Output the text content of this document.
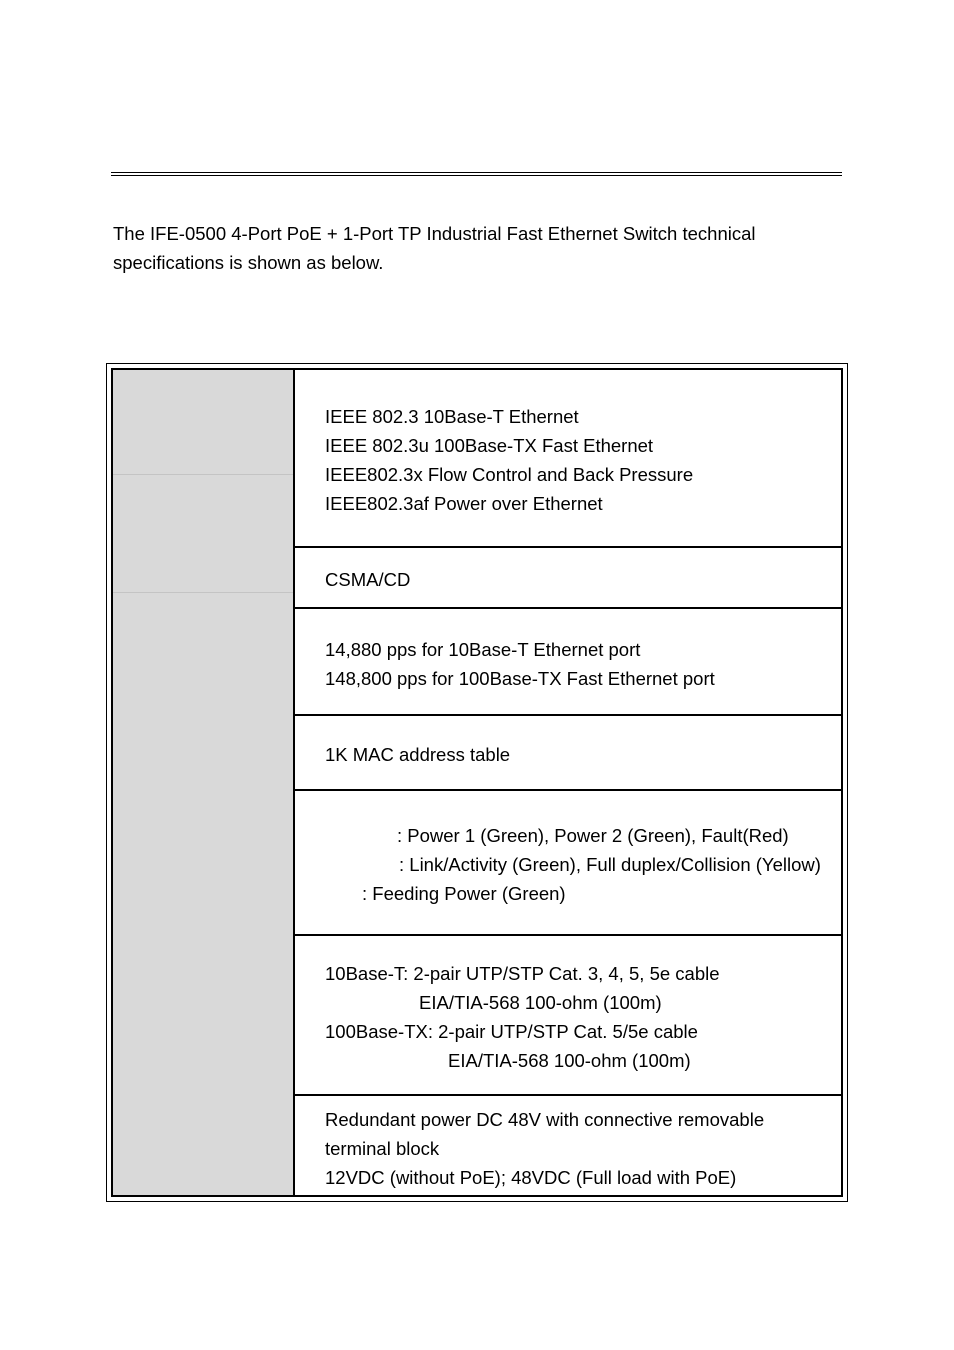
The IFE-0500 4-Port PoE + 1-Port TP Industrial Fast Ethernet Switch technical

specifications is shown as below.

IEEE 802.3 10Base-T Ethernet
IEEE 802.3u 100Base-TX Fast Ethernet
IEEE802.3x Flow Control and Back Pressure
IEEE802.3af Power over Ethernet
CSMA/CD
14,880 pps for 10Base-T Ethernet port
148,800 pps for 100Base-TX Fast Ethernet port
1K MAC address table
: Power 1 (Green), Power 2 (Green), Fault(Red)
: Link/Activity (Green), Full duplex/Collision (Yellow)
: Feeding Power (Green)
10Base-T: 2-pair UTP/STP Cat. 3, 4, 5, 5e cable
EIA/TIA-568 100-ohm (100m)
100Base-TX: 2-pair UTP/STP Cat. 5/5e cable
EIA/TIA-568 100-ohm (100m)
Redundant power DC 48V with connective removable
terminal block
12VDC (without PoE); 48VDC (Full load with PoE)
